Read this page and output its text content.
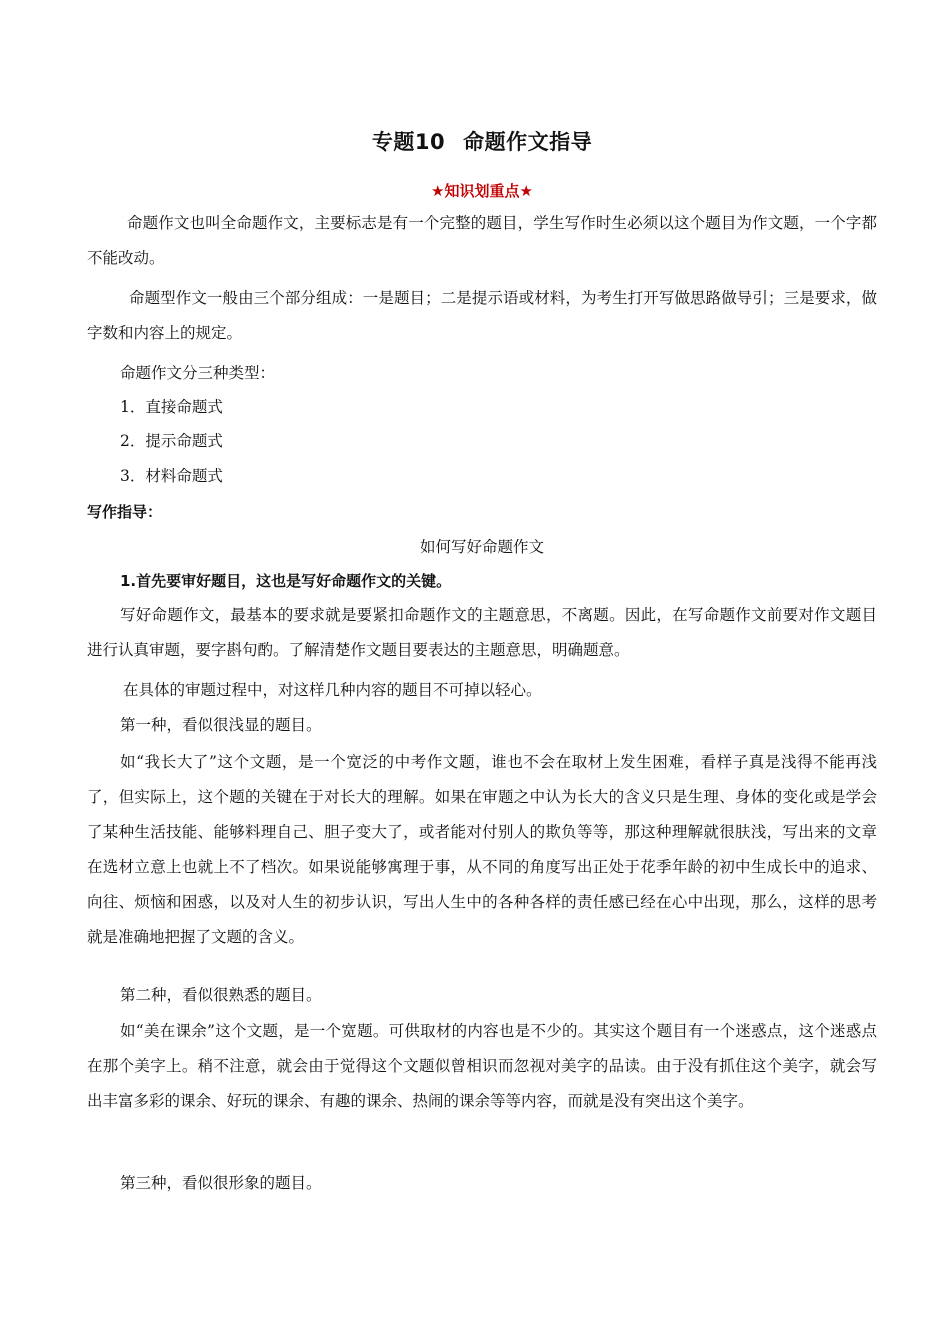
专题10 命题作文指导
★知识划重点★

命题作文也叫全命题作文，主要标志是有一个完整的题目，学生写作时生必须以这个题目为作文题，一个字都不能改动。

命题型作文一般由三个部分组成：一是题目；二是提示语或材料，为考生打开写做思路做导引；三是要求，做字数和内容上的规定。

命题作文分三种类型：

1．直接命题式

2．提示命题式

3．材料命题式

写作指导：

如何写好命题作文

1.首先要审好题目，这也是写好命题作文的关键。

写好命题作文，最基本的要求就是要紧扣命题作文的主题意思，不离题。因此，在写命题作文前要对作文题目进行认真审题，要字斟句酌。了解清楚作文题目要表达的主题意思，明确题意。

在具体的审题过程中，对这样几种内容的题目不可掉以轻心。

第一种，看似很浅显的题目。

如“我长大了”这个文题，是一个宽泛的中考作文题，谁也不会在取材上发生困难，看样子真是浅得不能再浅了，但实际上，这个题的关键在于对长大的理解。如果在审题之中认为长大的含义只是生理、身体的变化或是学会了某种生活技能、能够料理自己、胆子变大了，或者能对付别人的欺负等等，那这种理解就很肤浅，写出来的文章在选材立意上也就上不了档次。如果说能够寓理于事，从不同的角度写出正处于花季年龄的初中生成长中的追求、向往、烦恼和困惑，以及对人生的初步认识，写出人生中的各种各样的责任感已经在心中出现，那么，这样的思考就是准确地把握了文题的含义。

第二种，看似很熟悉的题目。

如“美在课余”这个文题，是一个宽题。可供取材的内容也是不少的。其实这个题目有一个迷惑点，这个迷惑点在那个美字上。稍不注意，就会由于觉得这个文题似曾相识而忽视对美字的品读。由于没有抓住这个美字，就会写出丰富多彩的课余、好玩的课余、有趣的课余、热闹的课余等等内容，而就是没有突出这个美字。

第三种，看似很形象的题目。
